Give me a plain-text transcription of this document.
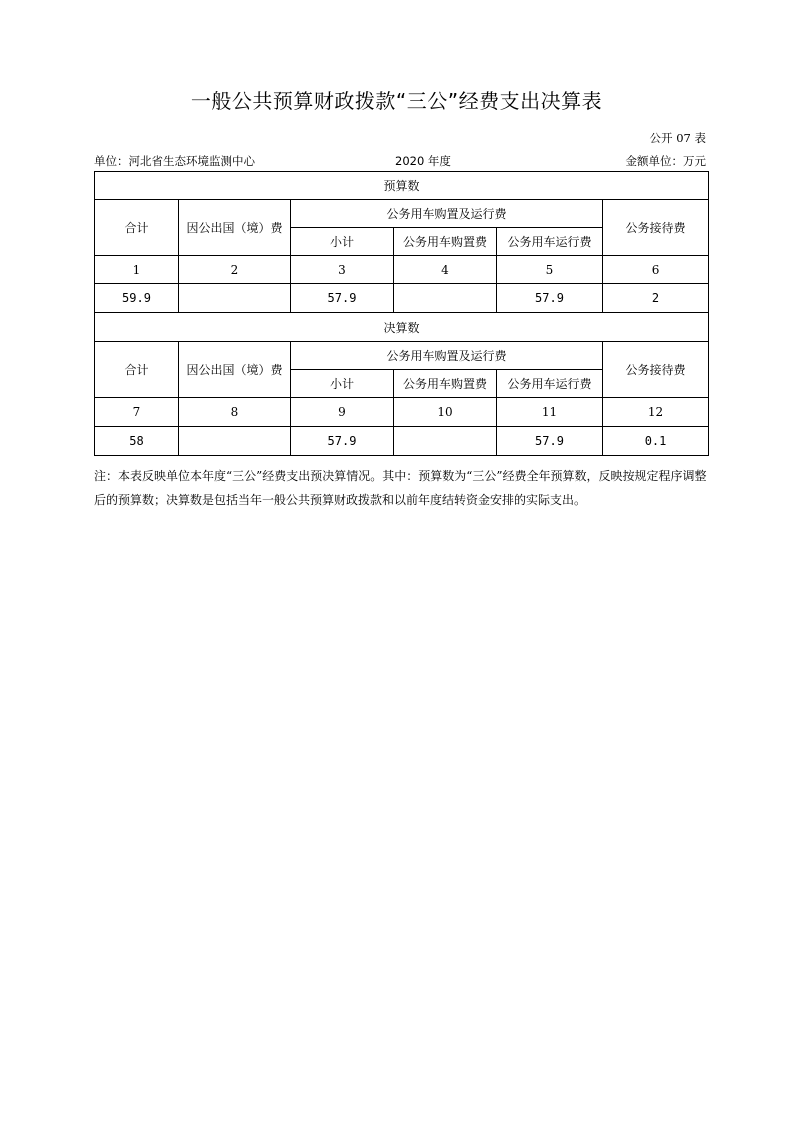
一般公共预算财政拨款“三公”经费支出决算表
公开 07 表
单位：河北省生态环境监测中心	2020 年度	金额单位：万元
预算数					
合计	因公出国（境）费	公务用车购置及运行费			公务接待费
		小计	公务用车购置费	公务用车运行费	
1	2	3	4	5	6
59.9		57.9		57.9	2
决算数					
合计	因公出国（境）费	公务用车购置及运行费			公务接待费
		小计	公务用车购置费	公务用车运行费	
7	8	9	10	11	12
58		57.9		57.9	0.1
注：本表反映单位本年度“三公”经费支出预决算情况。其中：预算数为“三公”经费全年预算数，反映按规定程序调整后的预算数；决算数是包括当年一般公共预算财政拨款和以前年度结转资金安排的实际支出。
